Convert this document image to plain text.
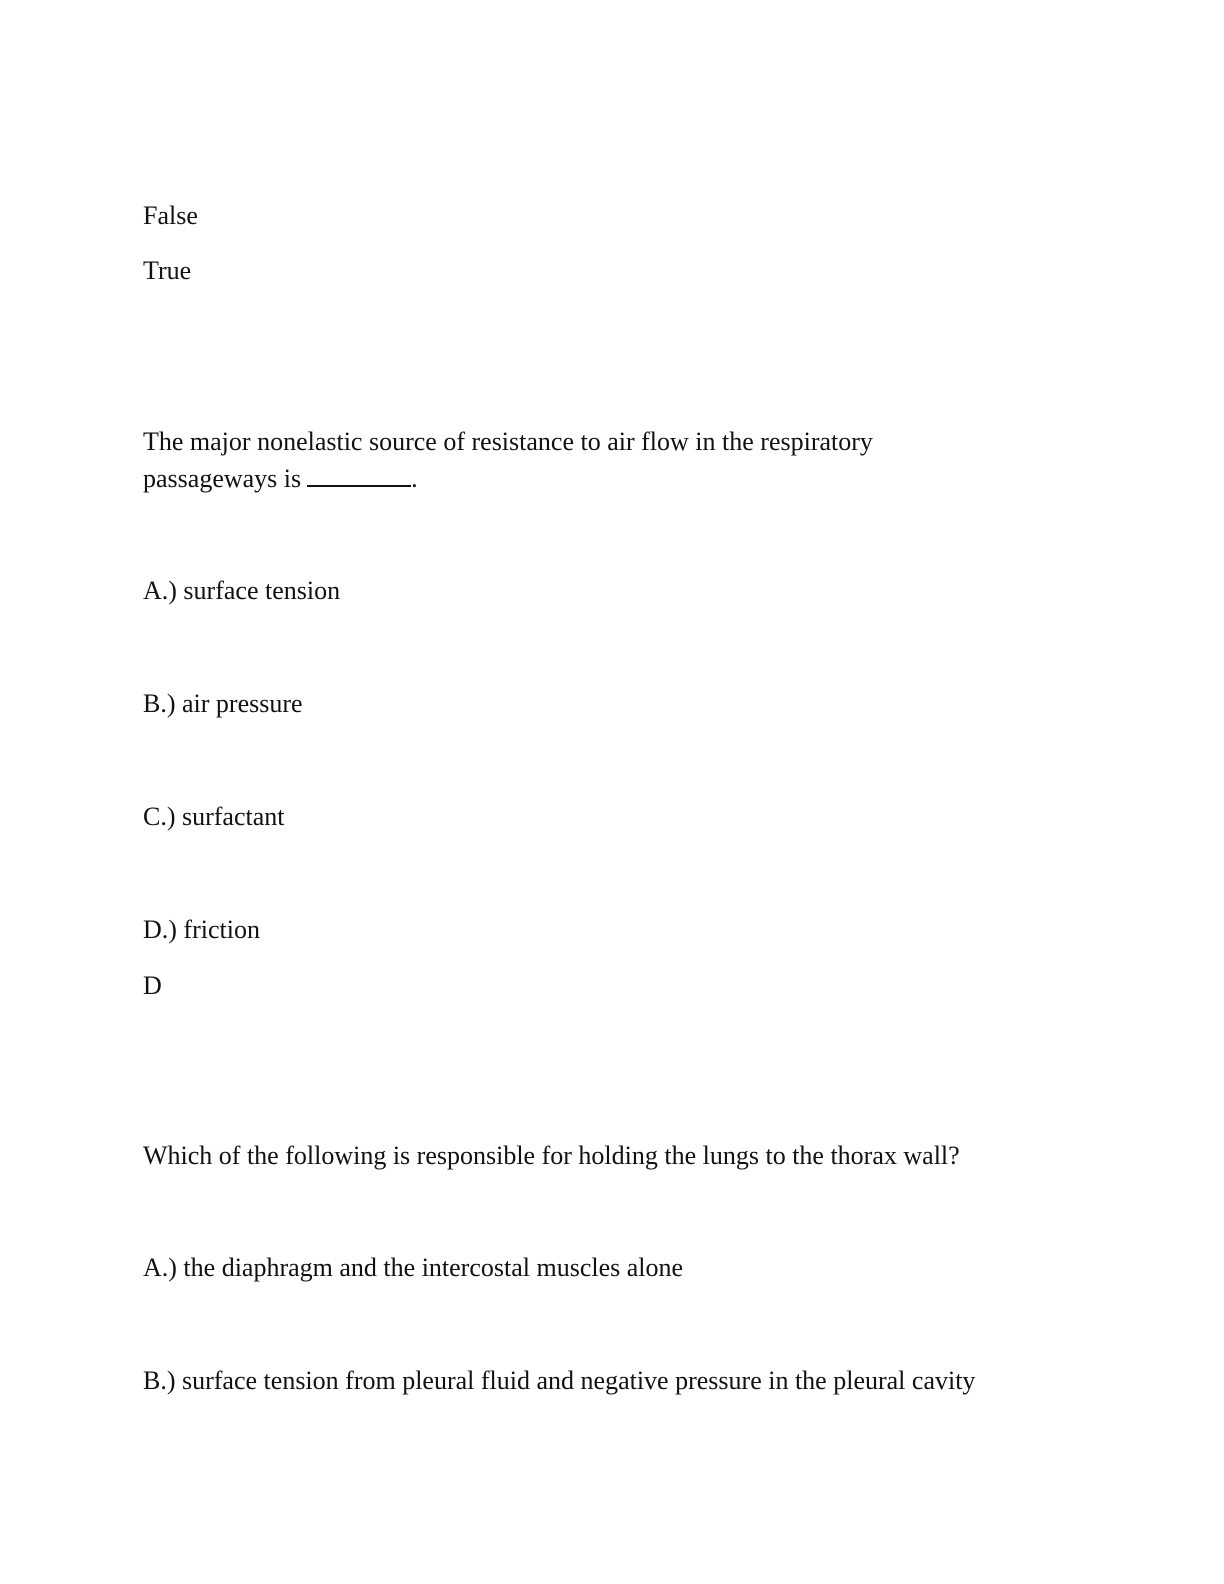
False

True

The major nonelastic source of resistance to air flow in the respiratory

passageways is	.

A.) surface tension

B.) air pressure

C.) surfactant

D.) friction

D

Which of the following is responsible for holding the lungs to the thorax wall?

A.) the diaphragm and the intercostal muscles alone

B.) surface tension from pleural fluid and negative pressure in the pleural cavity
